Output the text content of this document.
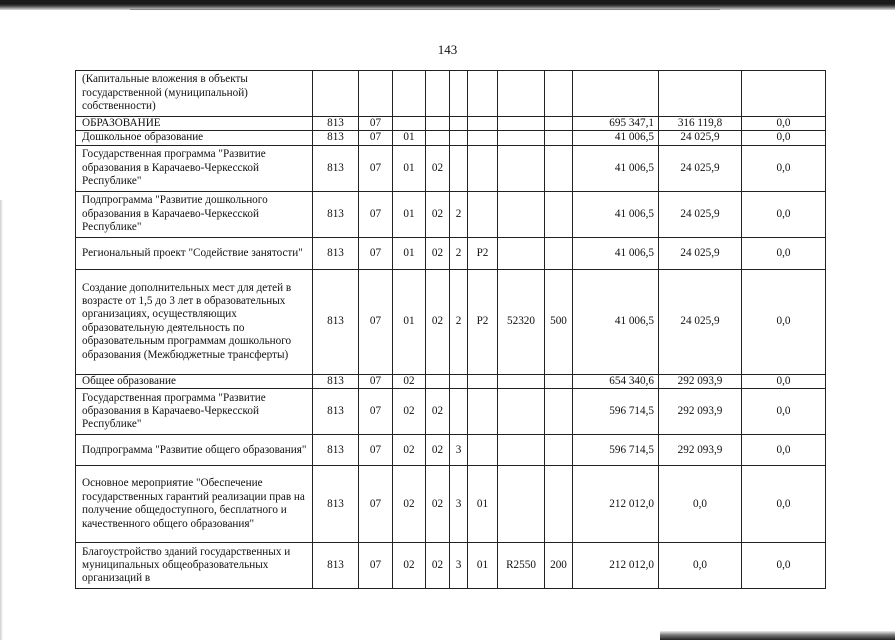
143
(Капитальные вложения в объекты государственной (муниципальной) собственности)											
ОБРАЗОВАНИЕ	813	07							695 347,1	316 119,8	0,0
Дошкольное образование	813	07	01						41 006,5	24 025,9	0,0
Государственная программа "Развитие образования в Карачаево-Черкесской Республике"	813	07	01	02					41 006,5	24 025,9	0,0
Подпрограмма "Развитие дошкольного образования в Карачаево-Черкесской Республике"	813	07	01	02	2				41 006,5	24 025,9	0,0
Региональный проект "Содействие занятости"	813	07	01	02	2	P2			41 006,5	24 025,9	0,0
Создание дополнительных мест для детей в возрасте от 1,5 до 3 лет в образовательных организациях, осуществляющих образовательную деятельность по образовательным программам дошкольного образования (Межбюджетные трансферты)	813	07	01	02	2	P2	52320	500	41 006,5	24 025,9	0,0
Общее образование	813	07	02						654 340,6	292 093,9	0,0
Государственная программа "Развитие образования в Карачаево-Черкесской Республике"	813	07	02	02					596 714,5	292 093,9	0,0
Подпрограмма "Развитие общего образования"	813	07	02	02	3				596 714,5	292 093,9	0,0
Основное мероприятие "Обеспечение государственных гарантий реализации прав на получение общедоступного, бесплатного и качественного общего образования"	813	07	02	02	3	01			212 012,0	0,0	0,0
Благоустройство зданий государственных и муниципальных общеобразовательных организаций в	813	07	02	02	3	01	R2550	200	212 012,0	0,0	0,0
